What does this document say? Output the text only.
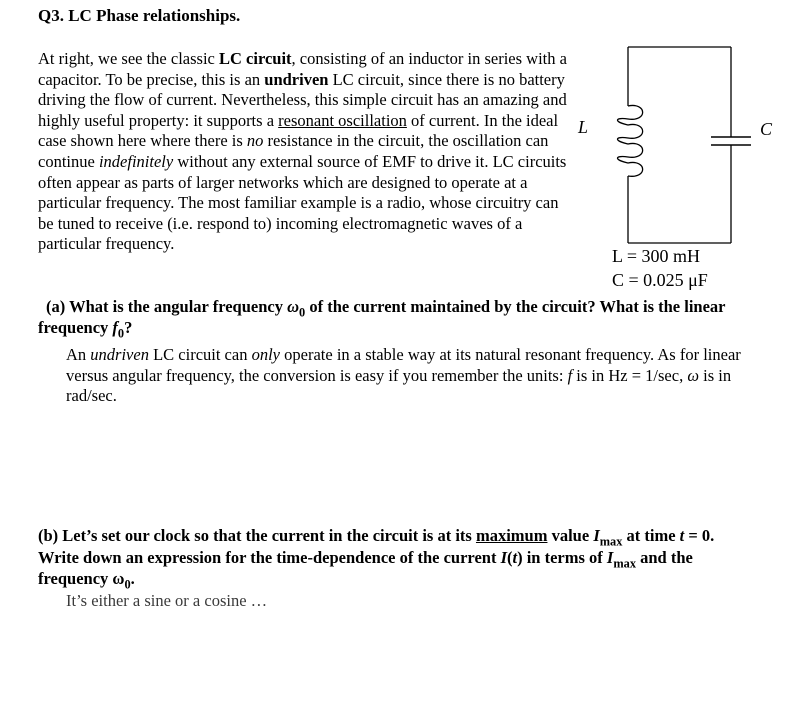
Q3. LC Phase relationships.
At right, we see the classic LC circuit, consisting of an inductor in series with a capacitor. To be precise, this is an undriven LC circuit, since there is no battery driving the flow of current. Nevertheless, this simple circuit has an amazing and highly useful property: it supports a resonant oscillation of current. In the ideal case shown here where there is no resistance in the circuit, the oscillation can continue indefinitely without any external source of EMF to drive it. LC circuits often appear as parts of larger networks which are designed to operate at a particular frequency. The most familiar example is a radio, whose circuitry can be tuned to receive (i.e. respond to) incoming electromagnetic waves of a particular frequency.
L	C
L = 300 mH
C = 0.025 μF
(a) What is the angular frequency $\omega_0$ of the current maintained by the circuit? What is the linear frequency $f_0$?
An undriven LC circuit can only operate in a stable way at its natural resonant frequency. As for linear versus angular frequency, the conversion is easy if you remember the units: f is in Hz = 1/sec, ω is in rad/sec.
(b) Let’s set our clock so that the current in the circuit is at its maximum value $I_{max}$ at time t = 0. Write down an expression for the time-dependence of the current I(t) in terms of $I_{max}$ and the frequency $\omega_0$.
It’s either a sine or a cosine …
